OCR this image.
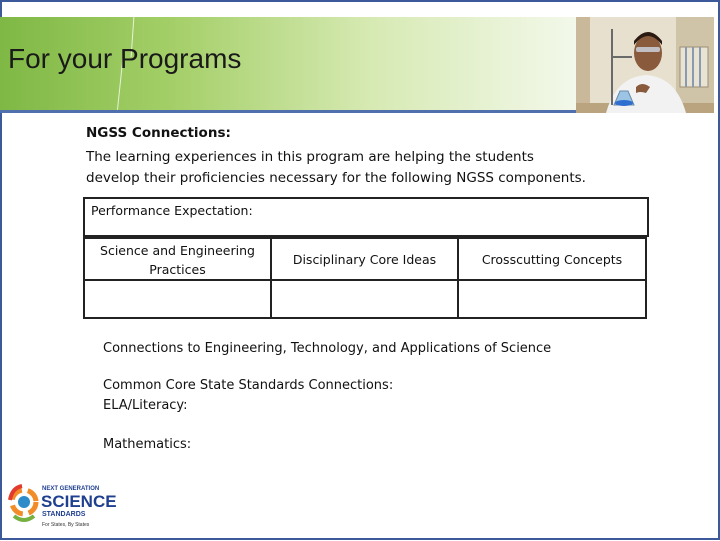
For your Programs
NGSS Connections:
The learning experiences in this program are helping the students
develop their proficiencies necessary for the following NGSS components.
Performance Expectation:
Science and Engineering
Practices	Disciplinary Core Ideas	Crosscutting Concepts

Connections to Engineering, Technology, and Applications of Science
Common Core State Standards Connections:
ELA/Literacy:
Mathematics:
NEXT GENERATION
SCIENCE
STANDARDS
For States, By States
